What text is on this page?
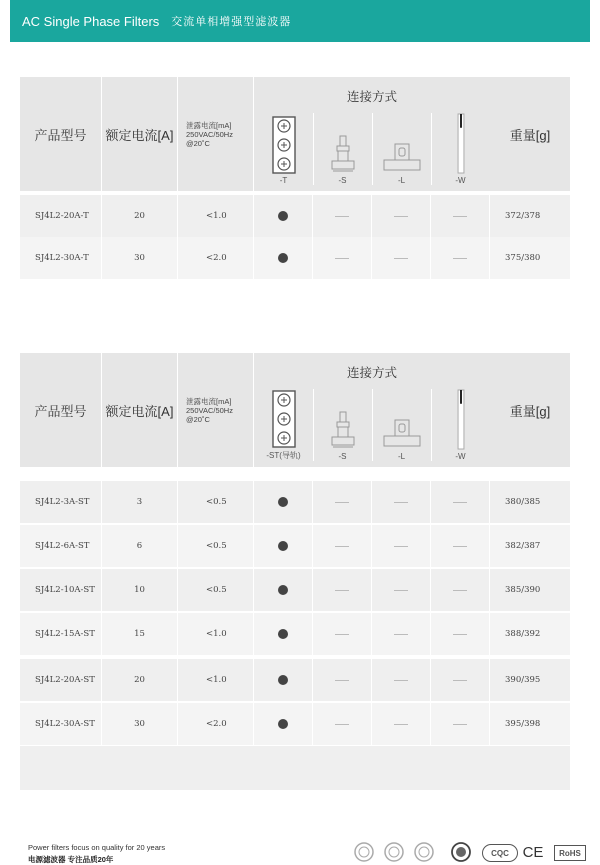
AC Single Phase Filters 交流单相增强型滤波器
产品型号	额定电流[A]
泄露电流[mA]
250VAC/50Hz
@20˚C
连接方式
重量[g]
-T	-S	-L	-W
SJ4L2-20A-T	20	<1.0	372/378
SJ4L2-30A-T	30	<2.0	375/380
产品型号	额定电流[A]
泄露电流[mA]
250VAC/50Hz
@20˚C
连接方式
重量[g]
-ST(导轨)	-S	-L	-W
SJ4L2-3A-ST	3	<0.5	380/385
SJ4L2-6A-ST	6	<0.5	382/387
SJ4L2-10A-ST	10	<0.5	385/390
SJ4L2-15A-ST	15	<1.0	388/392
SJ4L2-20A-ST	20	<1.0	390/395
SJ4L2-30A-ST	30	<2.0	395/398
Power filters focus on quality for 20 years
电源滤波器 专注品质20年
CQC CE	RoHS
